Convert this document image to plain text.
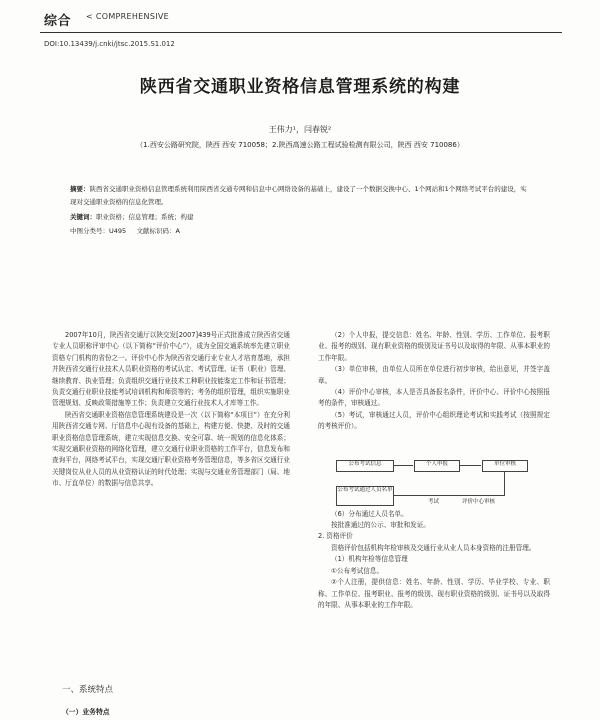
综合 < COMPREHENSIVE
DOI:10.13439/j.cnki/jtsc.2015.S1.012
陕西省交通职业资格信息管理系统的构建
王伟力¹，闫春锐²
（1.西安公路研究院，陕西 西安 710058；2.陕西高速公路工程试验检测有限公司，陕西 西安 710086）
摘要：陕西省交通职业资格信息管理系统利用陕西省交通专网和信息中心网络设备的基础上，建设了一个数据交换中心、1个网站和1个网络考试平台的建设，实现对交通职业资格的信息化管理。
关键词：职业资格；信息管理；系统；构建
中图分类号：U495 文献标识码：A

2007年10月，陕西省交通厅以陕交发[2007]439号正式批准成立陕西省交通专业人员职称评审中心（以下简称“评价中心”），成为全国交通系统率先建立职业资格专门机构的省份之一。评价中心作为陕西省交通行业专业人才培育基地，承担并陕西省交通行业技术人员职业资格的考试认定、考试管理、证书（职业）管理、继续教育、执业管理；负责组织交通行业技术工种职业技能鉴定工作和证书管理；负责交通行业职业技能考试培训机构和师资等的；考务的组织管理，组织实施职业管理规划、反映政策措施等工作；负责建立交通行业技术人才库等工作。

陕西省交通职业资格信息管理系统建设是一次（以下简称“本项目”）在充分利用陕西省交通专网、厅信息中心现有设备的基础上，构建方便、快捷、及时的交通职业资格信息管理系统，建立实现信息交换、安全可靠、统一规划的信息化体系；实现交通职业资格的网络化管理，建立交通行业职业资格的工作平台，信息发布和查询平台，网络考试平台，实现交通厅职业资格考务管理信息，等多省区交通行业关键岗位从业人员的从业资格认证的时代处理；实现与交通业务管理部门（局、地市、厅直单位）的数据与信息共享。

一、系统特点
（一）业务特点

（2）个人申报，提交信息：姓名、年龄、性别、学历、工作单位、报考职业、报考的级别、现有职业资格的级别及证书号以及取得的年限、从事本职业的工作年限。

（3）单位审核，由单位人员所在单位进行初步审核，给出意见，并签字盖章。

（4）评价中心审核，本人是否具备报名条件，评价中心、评价中心按照报考的条件，审核通过。

（5）考试，审核通过人员，评价中心组织理论考试和实践考试（按照规定的考核评价）。

（6）分布通过人员名单。

按批准通过的公示、审批和发证。

2. 资格评价

资格评价包括机构年检审核及交通行业从业人员本身资格的注册管理。

（1）机构年检等信息管理

①公布考试信息。

②个人注册，提供信息：姓名、年龄、性别、学历、毕业学校、专业、职称、工作单位、报考职业、报考的级别、现有职业资格的级别、证书号以及取得的年限、从事本职业的工作年限。

公布考试信息	个人申报	单位审核
公布考试通过人员名单
考试	评价中心审核
